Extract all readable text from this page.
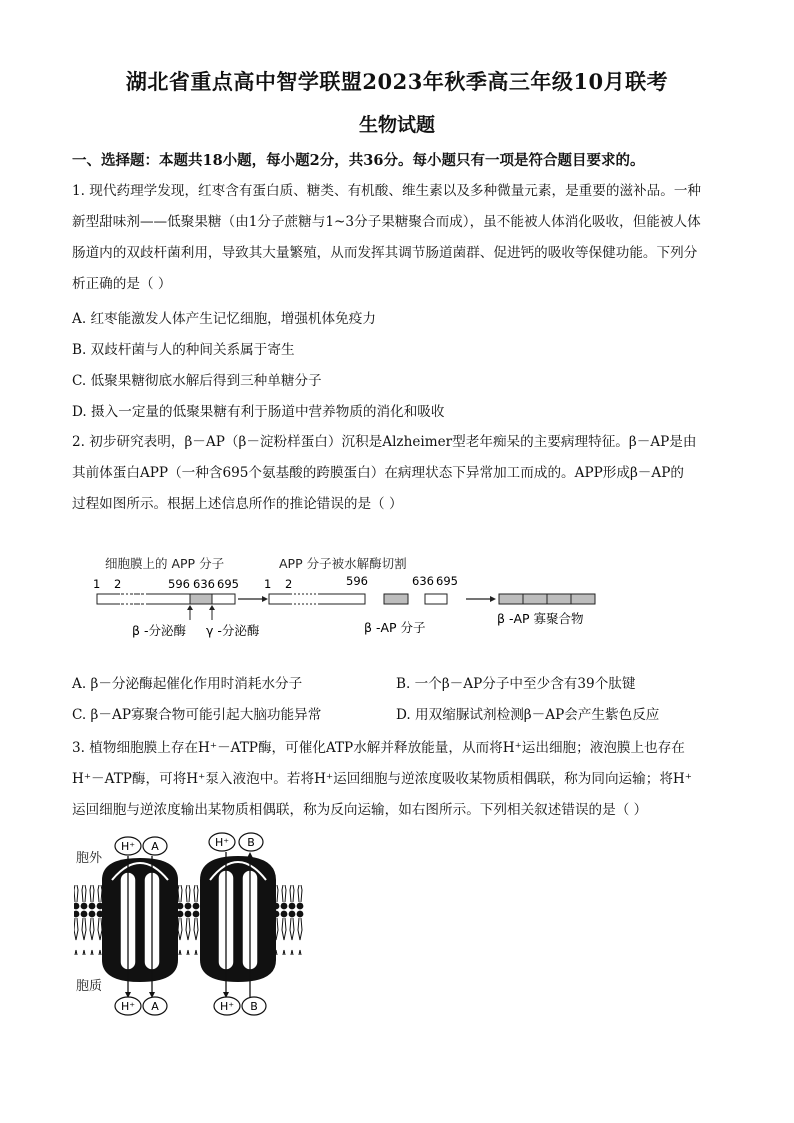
湖北省重点高中智学联盟2023年秋季高三年级10月联考
生物试题
一、选择题：本题共18小题，每小题2分，共36分。每小题只有一项是符合题目要求的。
1. 现代药理学发现，红枣含有蛋白质、糖类、有机酸、维生素以及多种微量元素，是重要的滋补品。一种
新型甜味剂——低聚果糖（由1分子蔗糖与1~3分子果糖聚合而成），虽不能被人体消化吸收，但能被人体
肠道内的双歧杆菌利用，导致其大量繁殖，从而发挥其调节肠道菌群、促进钙的吸收等保健功能。下列分
析正确的是（ ）
A. 红枣能激发人体产生记忆细胞，增强机体免疫力
B. 双歧杆菌与人的种间关系属于寄生
C. 低聚果糖彻底水解后得到三种单糖分子
D. 摄入一定量的低聚果糖有利于肠道中营养物质的消化和吸收
2. 初步研究表明，β－AP（β－淀粉样蛋白）沉积是Alzheimer型老年痴呆的主要病理特征。β－AP是由
其前体蛋白APP（一种含695个氨基酸的跨膜蛋白）在病理状态下异常加工而成的。APP形成β－AP的
过程如图所示。根据上述信息所作的推论错误的是（ ）
细胞膜上的 APP 分子	APP 分子被水解酶切割
1 2	596 636 695
β -分泌酶 γ -分泌酶
1 2	596	636 695
β -AP 分子
β -AP 寡聚合物
A. β－分泌酶起催化作用时消耗水分子	B. 一个β－AP分子中至少含有39个肽键
C. β－AP寡聚合物可能引起大脑功能异常	D. 用双缩脲试剂检测β－AP会产生紫色反应
3. 植物细胞膜上存在H⁺－ATP酶，可催化ATP水解并释放能量，从而将H⁺运出细胞；液泡膜上也存在
H⁺－ATP酶，可将H⁺泵入液泡中。若将H⁺运回细胞与逆浓度吸收某物质相偶联，称为同向运输；将H⁺
运回细胞与逆浓度输出某物质相偶联，称为反向运输，如右图所示。下列相关叙述错误的是（ ）
胞外
胞质
H⁺ A	H⁺ B
H⁺ A	H⁺ B
